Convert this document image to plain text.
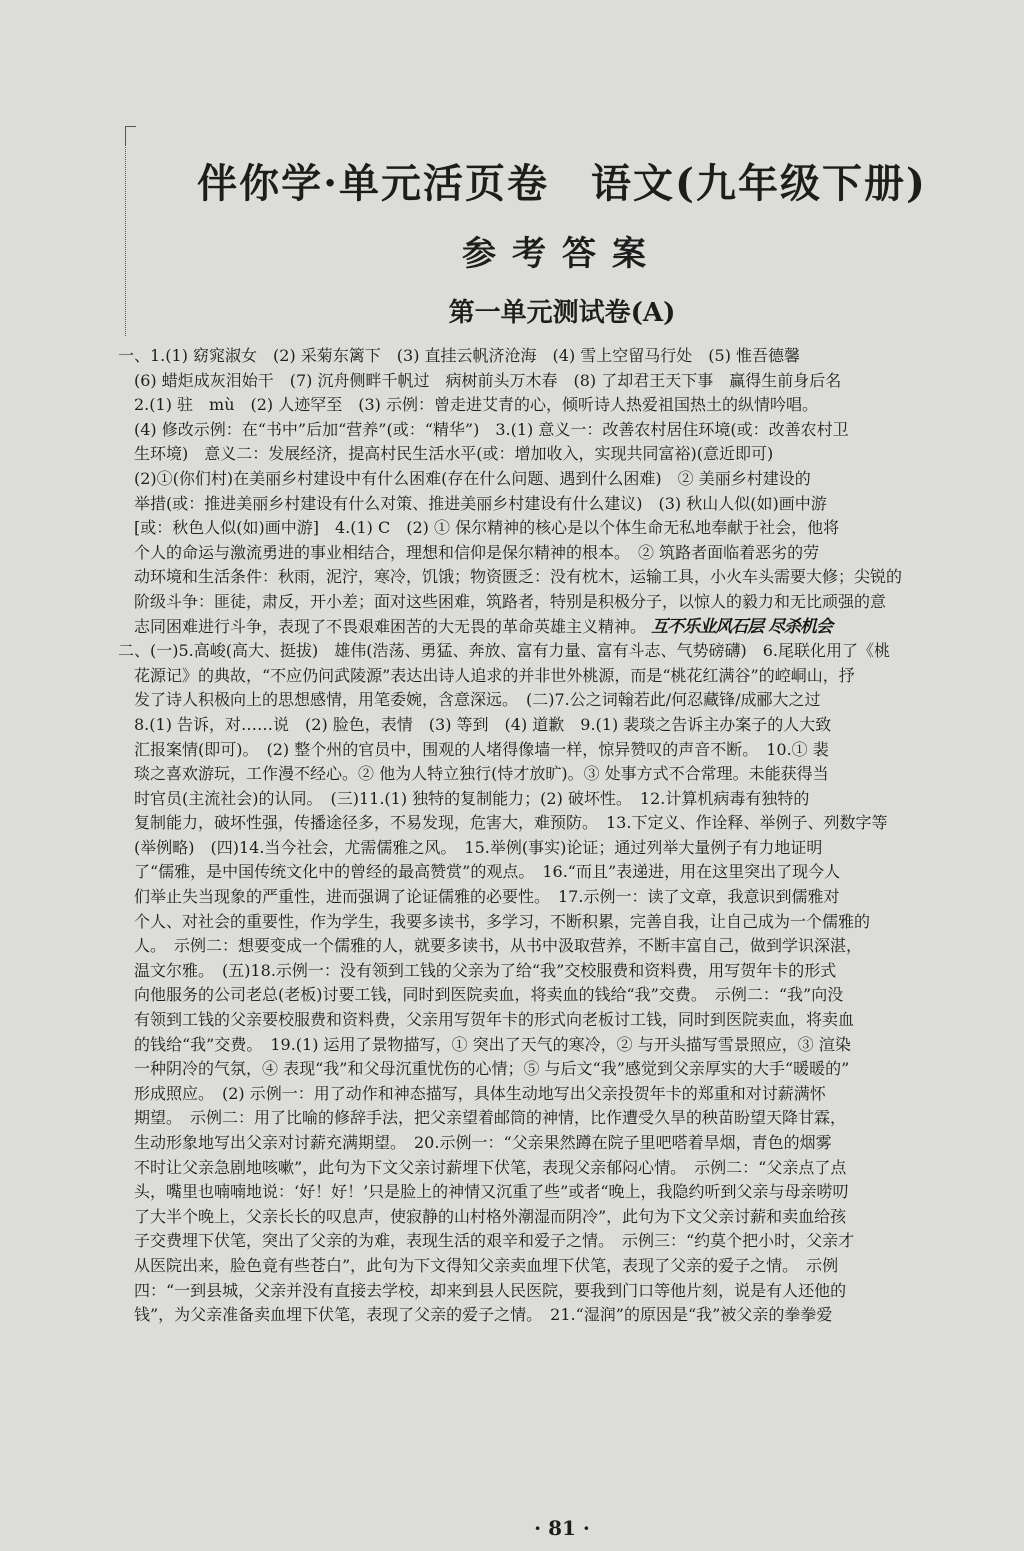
伴你学·单元活页卷　语文(九年级下册)
参考答案
第一单元测试卷(A)

一、1.(1) 窈窕淑女　(2) 采菊东篱下　(3) 直挂云帆济沧海　(4) 雪上空留马行处　(5) 惟吾德馨

(6) 蜡炬成灰泪始干　(7) 沉舟侧畔千帆过　病树前头万木春　(8) 了却君王天下事　赢得生前身后名

2.(1) 驻　mù　(2) 人迹罕至　(3) 示例：曾走进艾青的心，倾听诗人热爱祖国热土的纵情吟唱。

(4) 修改示例：在“书中”后加“营养”(或：“精华”)　3.(1) 意义一：改善农村居住环境(或：改善农村卫

生环境)　意义二：发展经济，提高村民生活水平(或：增加收入，实现共同富裕)(意近即可)

(2)①(你们村)在美丽乡村建设中有什么困难(存在什么问题、遇到什么困难)　② 美丽乡村建设的

举措(或：推进美丽乡村建设有什么对策、推进美丽乡村建设有什么建议)　(3) 秋山人似(如)画中游

[或：秋色人似(如)画中游]　4.(1) C　(2) ① 保尔精神的核心是以个体生命无私地奉献于社会，他将

个人的命运与激流勇进的事业相结合，理想和信仰是保尔精神的根本。　② 筑路者面临着恶劣的劳

动环境和生活条件：秋雨，泥泞，寒冷，饥饿；物资匮乏：没有枕木，运输工具，小火车头需要大修；尖锐的

阶级斗争：匪徒，肃反，开小差；面对这些困难，筑路者，特别是积极分子，以惊人的毅力和无比顽强的意

志同困难进行斗争，表现了不畏艰难困苦的大无畏的革命英雄主义精神。 互不乐业风石层 尽杀机会

二、(一)5.高峻(高大、挺拔)　雄伟(浩荡、勇猛、奔放、富有力量、富有斗志、气势磅礴)　6.尾联化用了《桃

花源记》的典故，“不应仍问武陵源”表达出诗人追求的并非世外桃源，而是“桃花红满谷”的崆峒山，抒

发了诗人积极向上的思想感情，用笔委婉，含意深远。　(二)7.公之词翰若此/何忍藏锋/成郦大之过

8.(1) 告诉，对……说　(2) 脸色，表情　(3) 等到　(4) 道歉　9.(1) 裴琰之告诉主办案子的人大致

汇报案情(即可)。　(2) 整个州的官员中，围观的人堵得像墙一样，惊异赞叹的声音不断。　10.① 裴

琰之喜欢游玩，工作漫不经心。② 他为人特立独行(恃才放旷)。③ 处事方式不合常理。未能获得当

时官员(主流社会)的认同。　(三)11.(1) 独特的复制能力；(2) 破坏性。　12.计算机病毒有独特的

复制能力，破坏性强，传播途径多，不易发现，危害大，难预防。　13.下定义、作诠释、举例子、列数字等

(举例略)　(四)14.当今社会，尤需儒雅之风。　15.举例(事实)论证；通过列举大量例子有力地证明

了“儒雅，是中国传统文化中的曾经的最高赞赏”的观点。　16.“而且”表递进，用在这里突出了现今人

们举止失当现象的严重性，进而强调了论证儒雅的必要性。　17.示例一：读了文章，我意识到儒雅对

个人、对社会的重要性，作为学生，我要多读书，多学习，不断积累，完善自我，让自己成为一个儒雅的

人。　示例二：想要变成一个儒雅的人，就要多读书，从书中汲取营养，不断丰富自己，做到学识深湛，

温文尔雅。　(五)18.示例一：没有领到工钱的父亲为了给“我”交校服费和资料费，用写贺年卡的形式

向他服务的公司老总(老板)讨要工钱，同时到医院卖血，将卖血的钱给“我”交费。　示例二：“我”向没

有领到工钱的父亲要校服费和资料费，父亲用写贺年卡的形式向老板讨工钱，同时到医院卖血，将卖血

的钱给“我”交费。　19.(1) 运用了景物描写，① 突出了天气的寒冷，② 与开头描写雪景照应，③ 渲染

一种阴冷的气氛，④ 表现“我”和父母沉重忧伤的心情；⑤ 与后文“我”感觉到父亲厚实的大手“暖暖的”

形成照应。　(2) 示例一：用了动作和神态描写，具体生动地写出父亲投贺年卡的郑重和对讨薪满怀

期望。　示例二：用了比喻的修辞手法，把父亲望着邮筒的神情，比作遭受久旱的秧苗盼望天降甘霖，

生动形象地写出父亲对讨薪充满期望。　20.示例一：“父亲果然蹲在院子里吧嗒着旱烟，青色的烟雾

不时让父亲急剧地咳嗽”，此句为下文父亲讨薪埋下伏笔，表现父亲郁闷心情。　示例二：“父亲点了点

头，嘴里也喃喃地说：‘好！好！’只是脸上的神情又沉重了些”或者“晚上，我隐约听到父亲与母亲唠叨

了大半个晚上，父亲长长的叹息声，使寂静的山村格外潮湿而阴冷”，此句为下文父亲讨薪和卖血给孩

子交费埋下伏笔，突出了父亲的为难，表现生活的艰辛和爱子之情。　示例三：“约莫个把小时，父亲才

从医院出来，脸色竟有些苍白”，此句为下文得知父亲卖血埋下伏笔，表现了父亲的爱子之情。　示例

四：“一到县城，父亲并没有直接去学校，却来到县人民医院，要我到门口等他片刻，说是有人还他的

钱”，为父亲准备卖血埋下伏笔，表现了父亲的爱子之情。　21.“湿润”的原因是“我”被父亲的拳拳爱

· 81 ·
